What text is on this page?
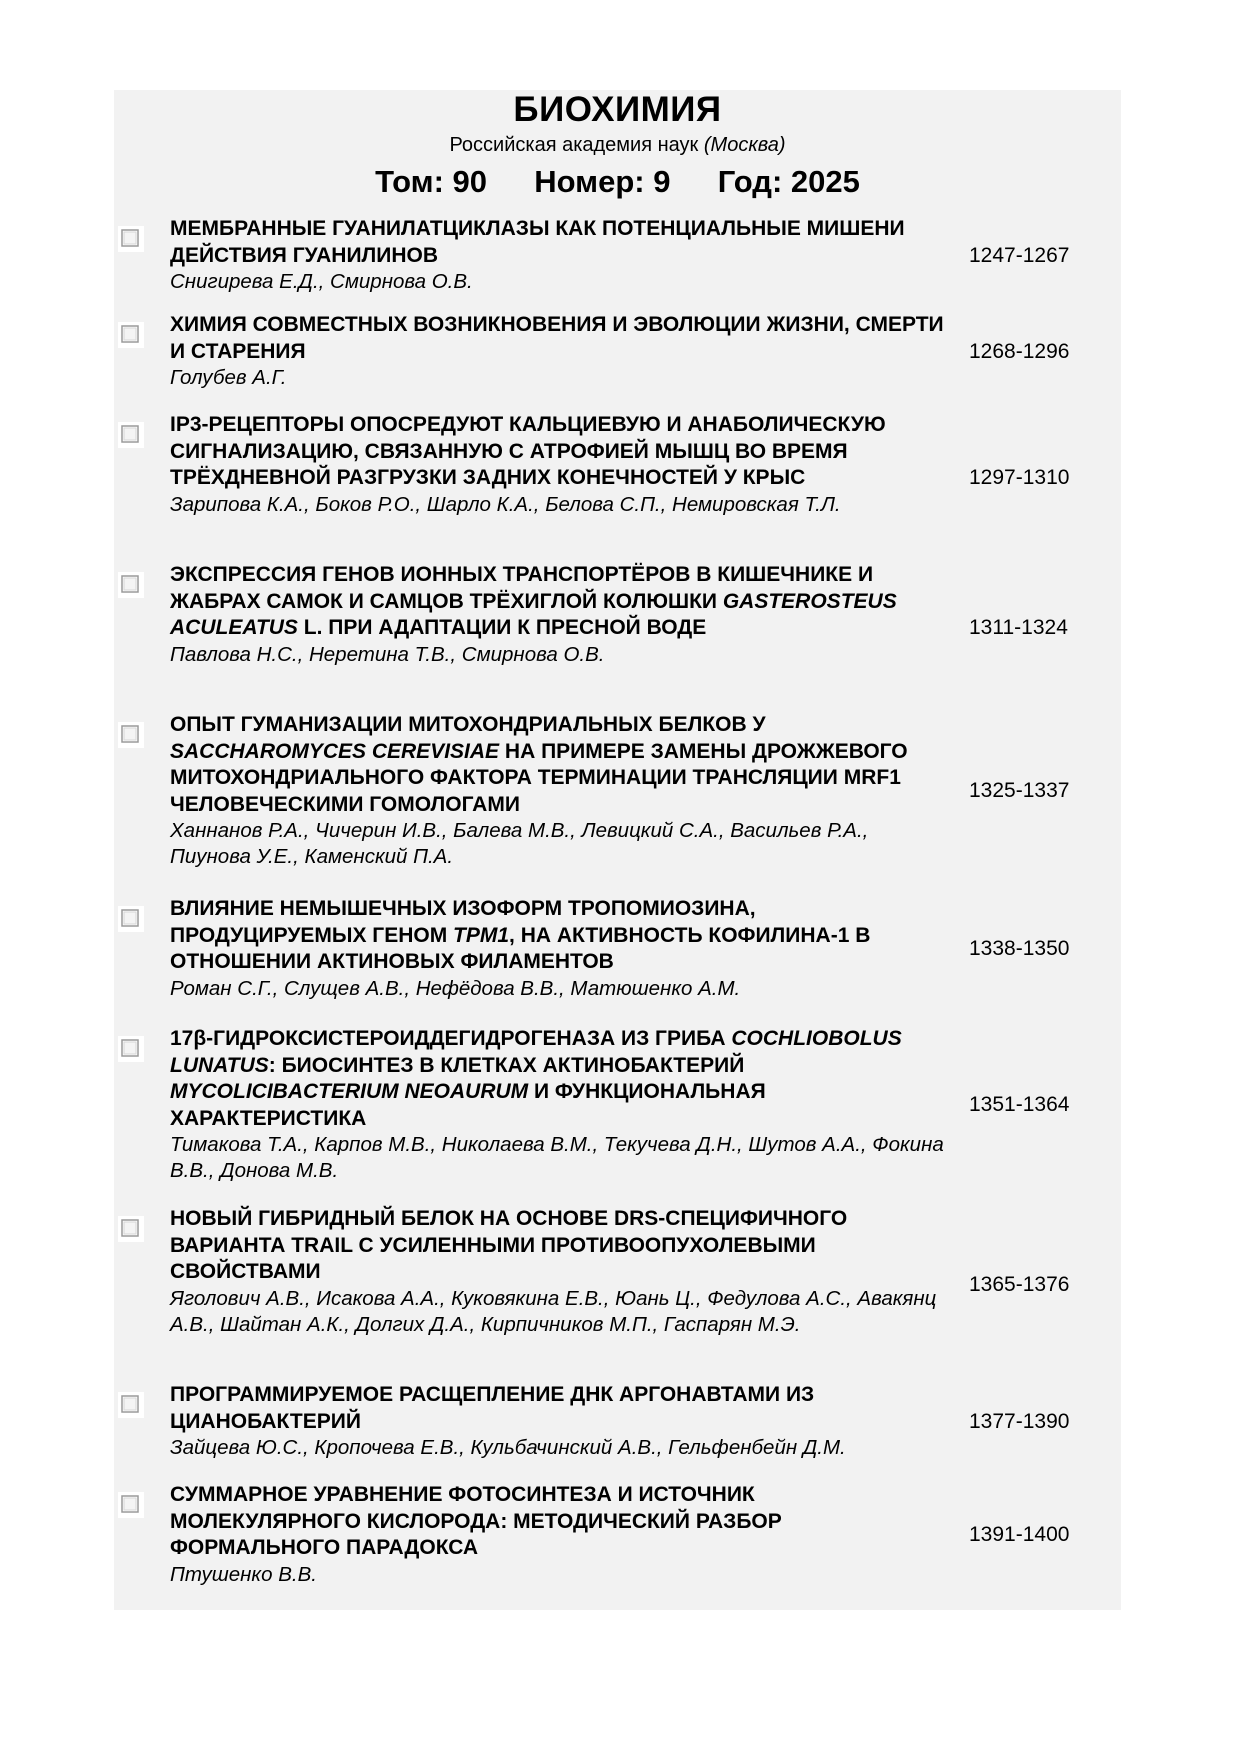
БИОХИМИЯ
Российская академия наук (Москва)
Том: 90 Номер: 9 Год: 2025
МЕМБРАННЫЕ ГУАНИЛАТЦИКЛАЗЫ КАК ПОТЕНЦИАЛЬНЫЕ МИШЕНИ ДЕЙСТВИЯ ГУАНИЛИНОВ
Снигирева Е.Д., Смирнова О.В.
1247-1267
ХИМИЯ СОВМЕСТНЫХ ВОЗНИКНОВЕНИЯ И ЭВОЛЮЦИИ ЖИЗНИ, СМЕРТИ И СТАРЕНИЯ
Голубев А.Г.
1268-1296
IP3-РЕЦЕПТОРЫ ОПОСРЕДУЮТ КАЛЬЦИЕВУЮ И АНАБОЛИЧЕСКУЮ СИГНАЛИЗАЦИЮ, СВЯЗАННУЮ С АТРОФИЕЙ МЫШЦ ВО ВРЕМЯ ТРЁХДНЕВНОЙ РАЗГРУЗКИ ЗАДНИХ КОНЕЧНОСТЕЙ У КРЫС
Зарипова К.А., Боков Р.О., Шарло К.А., Белова С.П., Немировская Т.Л.
1297-1310
ЭКСПРЕССИЯ ГЕНОВ ИОННЫХ ТРАНСПОРТЁРОВ В КИШЕЧНИКЕ И ЖАБРАХ САМОК И САМЦОВ ТРЁХИГЛОЙ КОЛЮШКИ GASTEROSTEUS ACULEATUS L. ПРИ АДАПТАЦИИ К ПРЕСНОЙ ВОДЕ
Павлова Н.С., Неретина Т.В., Смирнова О.В.
1311-1324
ОПЫТ ГУМАНИЗАЦИИ МИТОХОНДРИАЛЬНЫХ БЕЛКОВ У SACCHAROMYCES CEREVISIAE НА ПРИМЕРЕ ЗАМЕНЫ ДРОЖЖЕВОГО МИТОХОНДРИАЛЬНОГО ФАКТОРА ТЕРМИНАЦИИ ТРАНСЛЯЦИИ MRF1 ЧЕЛОВЕЧЕСКИМИ ГОМОЛОГАМИ
Ханнанов Р.А., Чичерин И.В., Балева М.В., Левицкий С.А., Васильев Р.А., Пиунова У.Е., Каменский П.А.
1325-1337
ВЛИЯНИЕ НЕМЫШЕЧНЫХ ИЗОФОРМ ТРОПОМИОЗИНА, ПРОДУЦИРУЕМЫХ ГЕНОМ TPM1, НА АКТИВНОСТЬ КОФИЛИНА-1 В ОТНОШЕНИИ АКТИНОВЫХ ФИЛАМЕНТОВ
Роман С.Г., Слущев А.В., Нефёдова В.В., Матюшенко А.М.
1338-1350
17β-ГИДРОКСИСТЕРОИДДЕГИДРОГЕНАЗА ИЗ ГРИБА COCHLIOBOLUS LUNATUS: БИОСИНТЕЗ В КЛЕТКАХ АКТИНОБАКТЕРИЙ MYCOLICIBACTERIUM NEOAURUM И ФУНКЦИОНАЛЬНАЯ ХАРАКТЕРИСТИКА
Тимакова Т.А., Карпов М.В., Николаева В.М., Текучева Д.Н., Шутов А.А., Фокина В.В., Донова М.В.
1351-1364
НОВЫЙ ГИБРИДНЫЙ БЕЛОК НА ОСНОВЕ DRS-СПЕЦИФИЧНОГО ВАРИАНТА TRAIL С УСИЛЕННЫМИ ПРОТИВООПУХОЛЕВЫМИ СВОЙСТВАМИ
Яголович А.В., Исакова А.А., Куковякина Е.В., Юань Ц., Федулова А.С., Авакянц А.В., Шайтан А.К., Долгих Д.А., Кирпичников М.П., Гаспарян М.Э.
1365-1376
ПРОГРАММИРУЕМОЕ РАСЩЕПЛЕНИЕ ДНК АРГОНАВТАМИ ИЗ ЦИАНОБАКТЕРИЙ
Зайцева Ю.С., Кропочева Е.В., Кульбачинский А.В., Гельфенбейн Д.М.
1377-1390
СУММАРНОЕ УРАВНЕНИЕ ФОТОСИНТЕЗА И ИСТОЧНИК МОЛЕКУЛЯРНОГО КИСЛОРОДА: МЕТОДИЧЕСКИЙ РАЗБОР ФОРМАЛЬНОГО ПАРАДОКСА
Птушенко В.В.
1391-1400
